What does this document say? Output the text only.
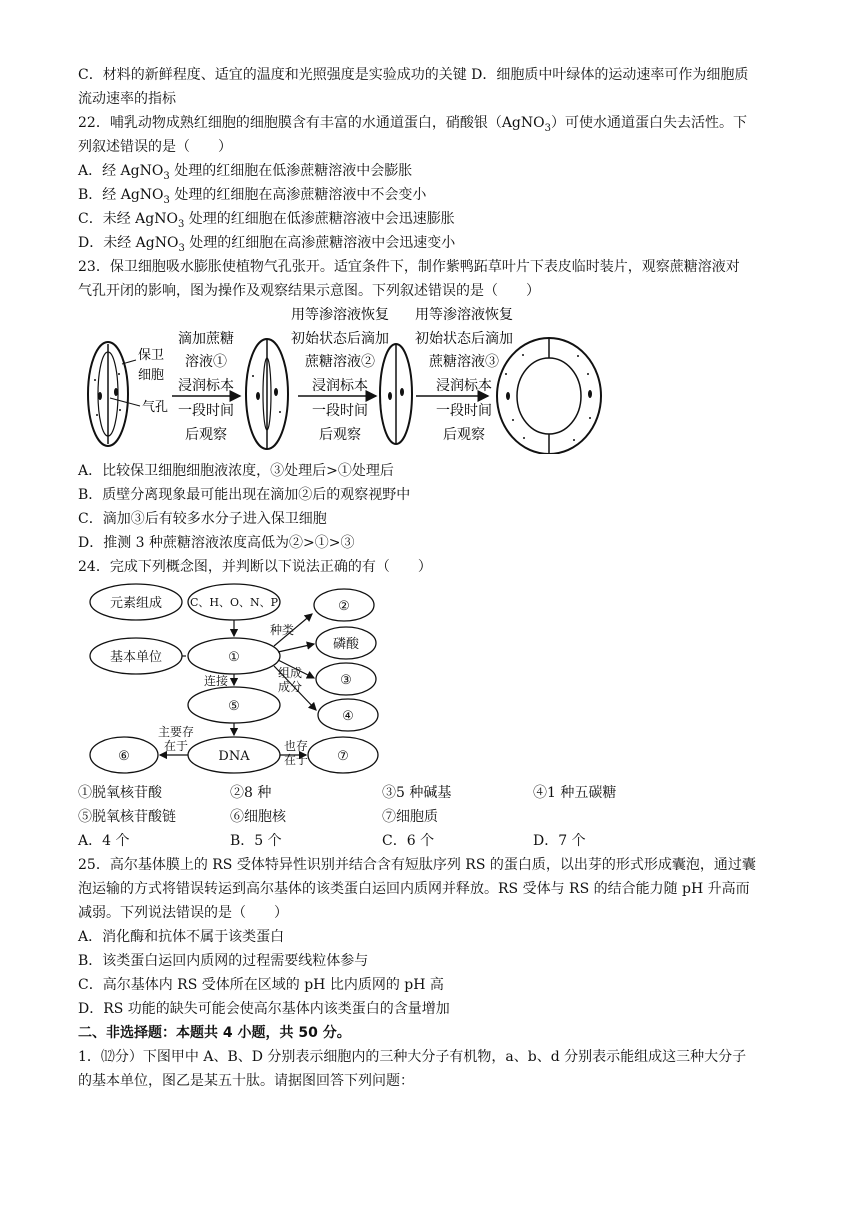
C．材料的新鲜程度、适宜的温度和光照强度是实验成功的关键 D．细胞质中叶绿体的运动速率可作为细胞质
流动速率的指标
22．哺乳动物成熟红细胞的细胞膜含有丰富的水通道蛋白，硝酸银（AgNO$_3$）可使水通道蛋白失去活性。下
列叙述错误的是（　　）
A．经 AgNO$_3$ 处理的红细胞在低渗蔗糖溶液中会膨胀
B．经 AgNO$_3$ 处理的红细胞在高渗蔗糖溶液中不会变小
C．未经 AgNO$_3$ 处理的红细胞在低渗蔗糖溶液中会迅速膨胀
D．未经 AgNO$_3$ 处理的红细胞在高渗蔗糖溶液中会迅速变小
23．保卫细胞吸水膨胀使植物气孔张开。适宜条件下，制作紫鸭跖草叶片下表皮临时装片，观察蔗糖溶液对
气孔开闭的影响，图为操作及观察结果示意图。下列叙述错误的是（　　）
保卫
细胞
气孔
滴加蔗糖
溶液①
浸润标本
一段时间
后观察
用等渗溶液恢复
初始状态后滴加
蔗糖溶液②
浸润标本
一段时间
后观察
用等渗溶液恢复
初始状态后滴加
蔗糖溶液③
浸润标本
一段时间
后观察
A．比较保卫细胞细胞液浓度，③处理后>①处理后
B．质壁分离现象最可能出现在滴加②后的观察视野中
C．滴加③后有较多水分子进入保卫细胞
D．推测 3 种蔗糖溶液浓度高低为②>①>③
24．完成下列概念图，并判断以下说法正确的有（　　）
元素组成	C、H、O、N、P
基本单位	①
②
磷酸
③
④
⑤
DNA
⑥	⑦
种类
组成
成分
连接
主要存
在于	也存
在于
①脱氧核苷酸	②8 种	③5 种碱基	④1 种五碳糖
⑤脱氧核苷酸链	⑥细胞核	⑦细胞质
A．4 个	B．5 个	C．6 个	D．7 个
25．高尔基体膜上的 RS 受体特异性识别并结合含有短肽序列 RS 的蛋白质，以出芽的形式形成囊泡，通过囊
泡运输的方式将错误转运到高尔基体的该类蛋白运回内质网并释放。RS 受体与 RS 的结合能力随 pH 升高而
减弱。下列说法错误的是（　　）
A．消化酶和抗体不属于该类蛋白
B．该类蛋白运回内质网的过程需要线粒体参与
C．高尔基体内 RS 受体所在区域的 pH 比内质网的 pH 高
D．RS 功能的缺失可能会使高尔基体内该类蛋白的含量增加
二、非选择题：本题共 4 小题，共 50 分。
1．⑿分）下图甲中 A、B、D 分别表示细胞内的三种大分子有机物，a、b、d 分别表示能组成这三种大分子
的基本单位，图乙是某五十肽。请据图回答下列问题：
